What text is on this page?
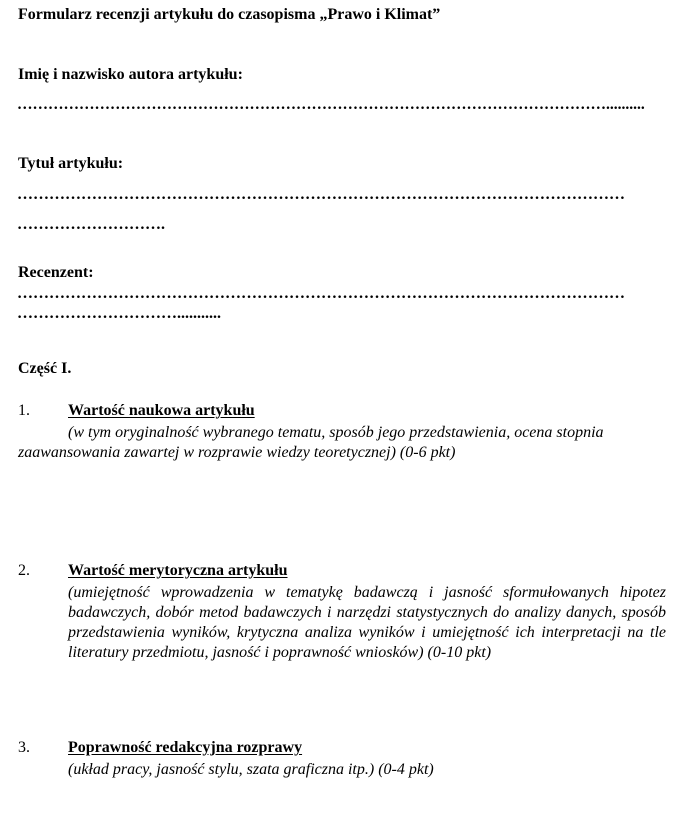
Formularz recenzji artykułu do czasopisma „Prawo i Klimat”
Imię i nazwisko autora artykułu:
……………………………………………………………………………………………………..........
Tytuł artykułu:
……………………………………………………………………………………………………
……………………….
Recenzent:
……………………………………………………………………………………………………
…………………………...........
Część I.
1. Wartość naukowa artykułu
(w tym oryginalność wybranego tematu, sposób jego przedstawienia, ocena stopnia
zaawansowania zawartej w rozprawie wiedzy teoretycznej) (0-6 pkt)
2. Wartość merytoryczna artykułu
(umiejętność wprowadzenia w tematykę badawczą i jasność sformułowanych hipotez badawczych, dobór metod badawczych i narzędzi statystycznych do analizy danych, sposób przedstawienia wyników, krytyczna analiza wyników i umiejętność ich interpretacji na tle literatury przedmiotu, jasność i poprawność wniosków) (0-10 pkt)
3. Poprawność redakcyjna rozprawy
(układ pracy, jasność stylu, szata graficzna itp.) (0-4 pkt)
